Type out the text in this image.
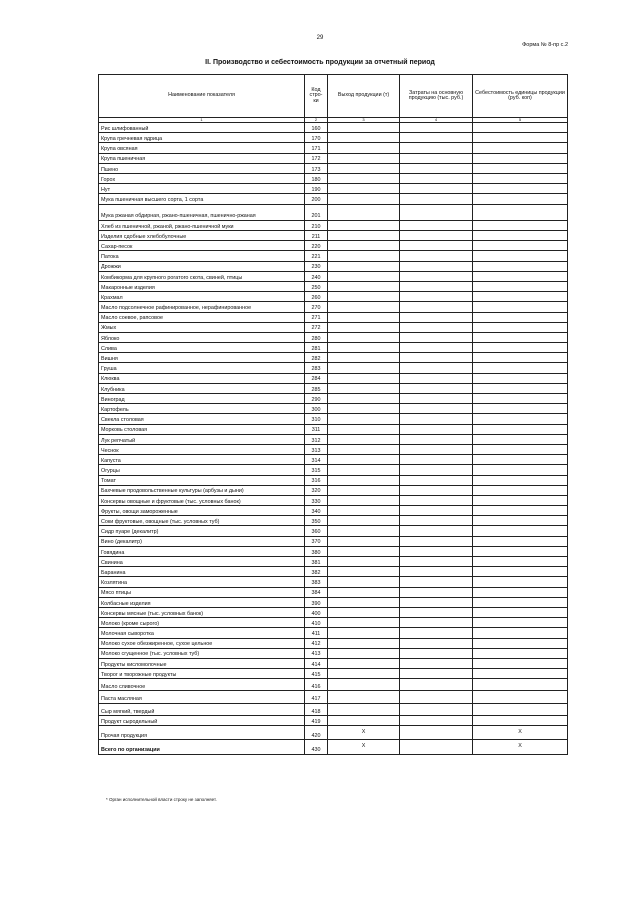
29
Форма № 8-пр с.2
II. Производство и себестоимость продукции за отчетный период
Наименование показателя	Код стро-ки	Выход продукции (т)	Затраты на основную продукцию (тыс. руб.)	Себестоимость единицы продукции (руб. коп)
1	2	3	4	5
Рис шлифованный	160			
Крупа гречневая ядрица	170			
Крупа овсяная	171			
Крупа пшеничная	172			
Пшено	173			
Горох	180			
Нут	190			
Мука пшеничная высшего сорта, 1 сорта	200			
Мука ржаная обдирная, ржано-пшеничная, пшенично-ржаная	201			
Хлеб из пшеничной, ржаной, ржано-пшеничной муки	210			
Изделия сдобные хлебобулочные	211			
Сахар-песок	220			
Патока	221			
Дрожжи	230			
Комбикорма для крупного рогатого скота, свиней, птицы	240			
Макаронные изделия	250			
Крахмал	260			
Масло подсолнечное рафинированное, нерафинированное	270			
Масло соевое, рапсовое	271			
Жмых	272			
Яблоко	280			
Слива	281			
Вишня	282			
Груша	283			
Клюква	284			
Клубника	285			
Виноград	290			
Картофель	300			
Свекла столовая	310			
Морковь столовая	311			
Лук репчатый	312			
Чеснок	313			
Капуста	314			
Огурцы	315			
Томат	316			
Бахчевые продовольственные культуры (арбузы и дыни)	320			
Консервы овощные и фруктовые (тыс. условных банок)	330			
Фрукты, овощи замороженные	340			
Соки фруктовые, овощные (тыс. условных туб)	350			
Сидр пуаре (декалитр)	360			
Вино (декалитр)	370			
Говядина	380			
Свинина	381			
Баранина	382			
Козлятина	383			
Мясо птицы	384			
Колбасные изделия	390			
Консервы мясные (тыс. условных банок)	400			
Молоко (кроме сырого)	410			
Молочная сыворотка	411			
Молоко сухое обезжиренное, сухое цельное	412			
Молоко сгущенное (тыс. условных туб)	413			
Продукты кисломолочные	414			
Творог и творожные продукты	415			
Масло сливочное	416			
Паста масляная	417			
Сыр мягкий, твердый	418			
Продукт сыродельный	419			
Прочая продукция	420	X		X
Всего по организации	430	X		X
* Орган исполнительной власти строку не заполняет.
